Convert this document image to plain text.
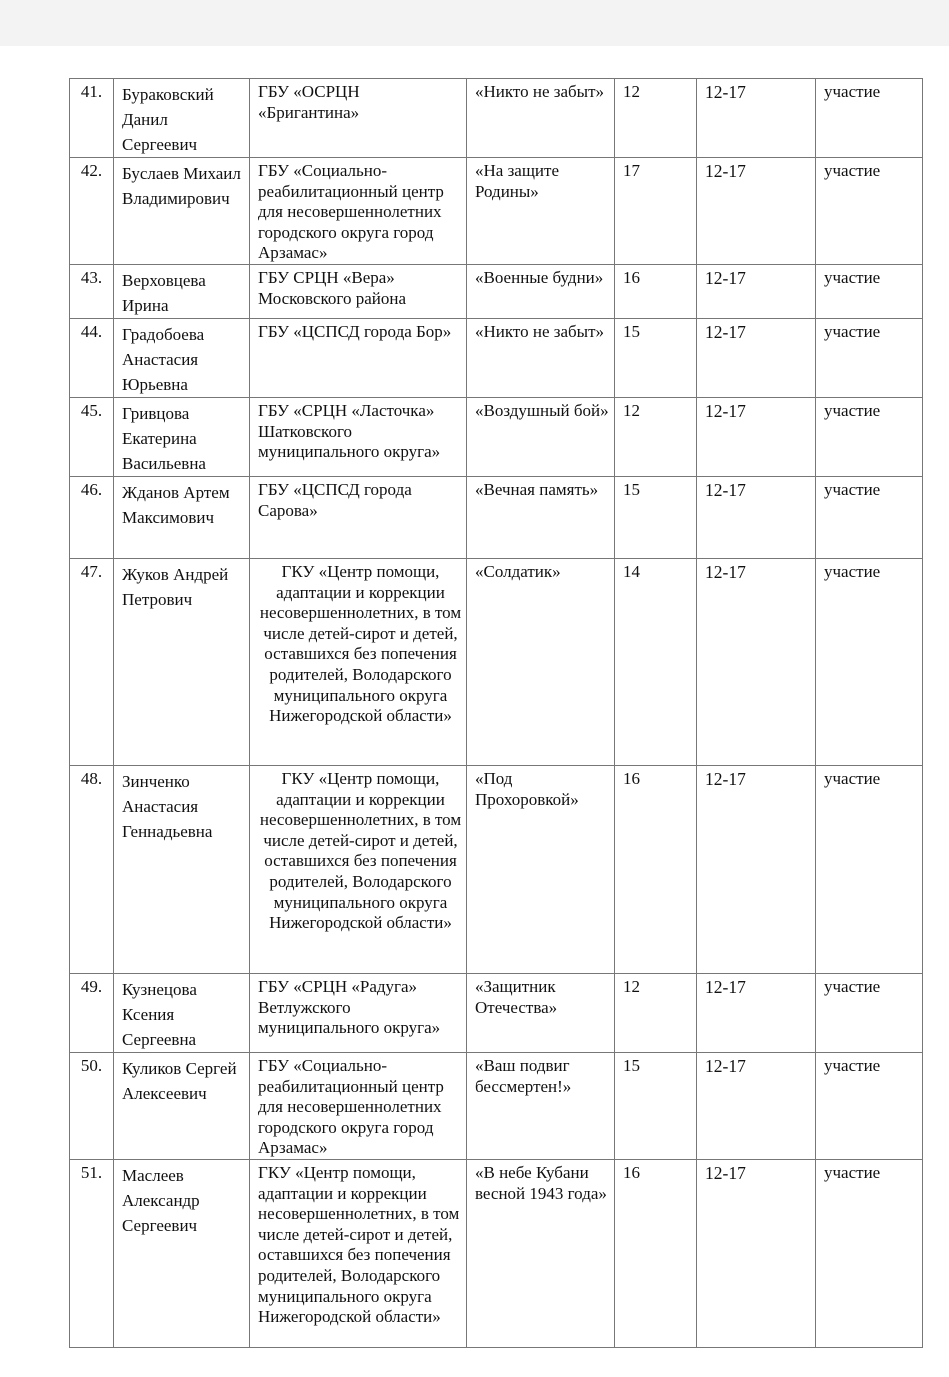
41.	Бураковский Данил Сергеевич	ГБУ «ОСРЦН «Бригантина»	«Никто не забыт»	12	12-17	участие
42.	Буслаев Михаил Владимирович	ГБУ «Социально-реабилитационный центр для несовершеннолетних городского округа город Арзамас»	«На защите Родины»	17	12-17	участие
43.	Верховцева Ирина	ГБУ СРЦН «Вера» Московского района	«Военные будни»	16	12-17	участие
44.	Градобоева Анастасия Юрьевна	ГБУ «ЦСПСД города Бор»	«Никто не забыт»	15	12-17	участие
45.	Гривцова Екатерина Васильевна	ГБУ «СРЦН «Ласточка» Шатковского муниципального округа»	«Воздушный бой»	12	12-17	участие
46.	Жданов Артем Максимович	ГБУ «ЦСПСД города Сарова»	«Вечная память»	15	12-17	участие
47.	Жуков Андрей Петрович	ГКУ «Центр помощи, адаптации и коррекции несовершеннолетних, в том числе детей-сирот и детей, оставшихся без попечения родителей, Володарского муниципального округа Нижегородской области»	«Солдатик»	14	12-17	участие
48.	Зинченко Анастасия Геннадьевна	ГКУ «Центр помощи, адаптации и коррекции несовершеннолетних, в том числе детей-сирот и детей, оставшихся без попечения родителей, Володарского муниципального округа Нижегородской области»	«Под Прохоровкой»	16	12-17	участие
49.	Кузнецова Ксения Сергеевна	ГБУ «СРЦН «Радуга» Ветлужского муниципального округа»	«Защитник Отечества»	12	12-17	участие
50.	Куликов Сергей Алексеевич	ГБУ «Социально-реабилитационный центр для несовершеннолетних городского округа город Арзамас»	«Ваш подвиг бессмертен!»	15	12-17	участие
51.	Маслеев Александр Сергеевич	ГКУ «Центр помощи, адаптации и коррекции несовершеннолетних, в том числе детей-сирот и детей, оставшихся без попечения родителей, Володарского муниципального округа Нижегородской области»	«В небе Кубани весной 1943 года»	16	12-17	участие
